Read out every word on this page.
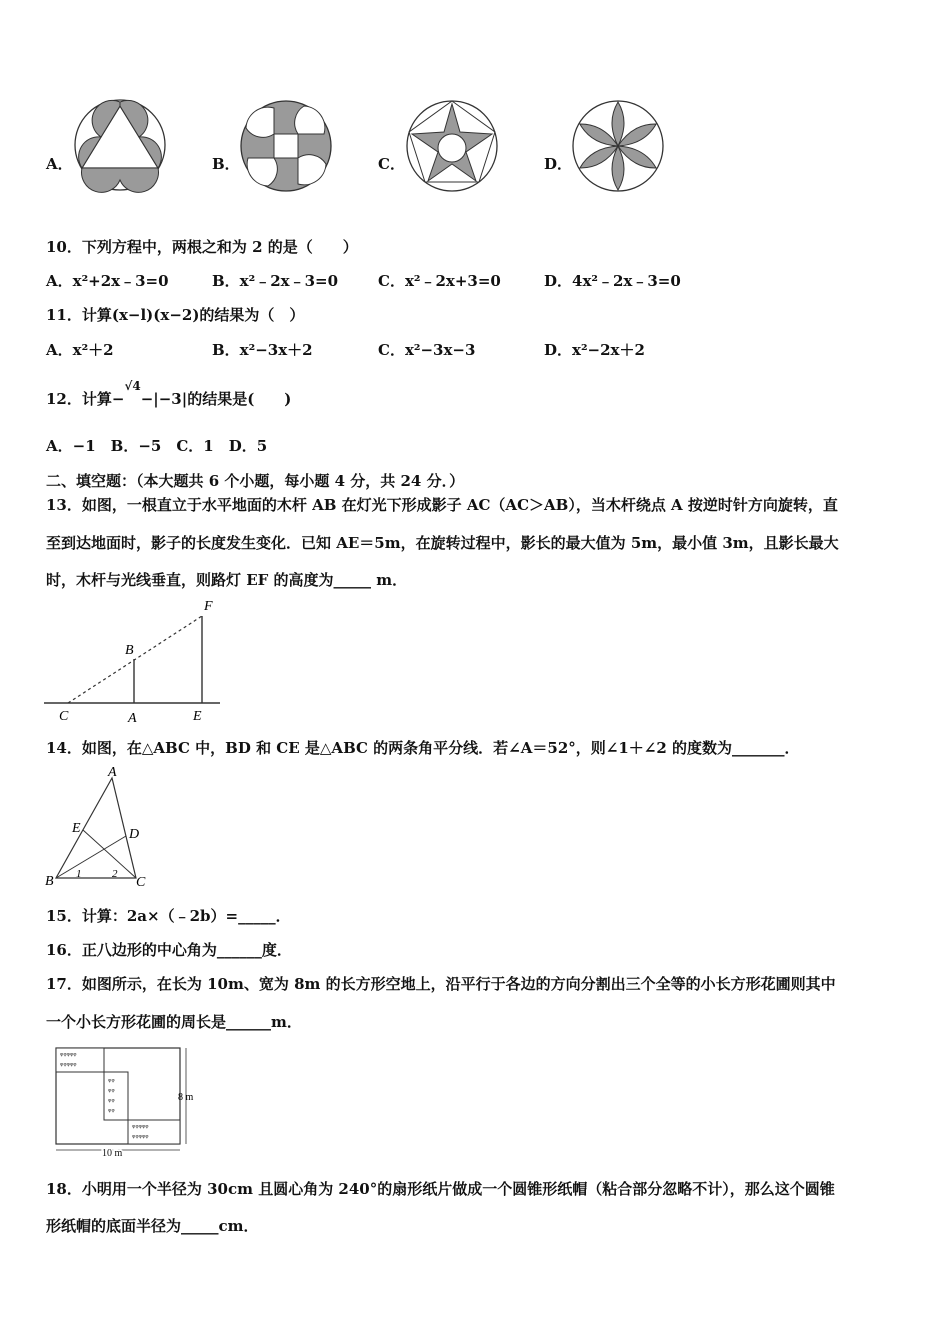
A．	B．	C．	D．
10．下列方程中，两根之和为 2 的是（　　）
A．x²+2x﹣3=0	B．x²﹣2x﹣3=0	C．x²﹣2x+3=0	D．4x²﹣2x﹣3=0
11．计算(x−l)(x−2)的结果为（　）
A．x²＋2	B．x²−3x＋2	C．x²−3x−3	D．x²−2x＋2
12．计算−$^{√4}$−|−3|的结果是(　　)
A．−1　B．−5　C．1　D．5
二、填空题：（本大题共 6 个小题，每小题 4 分，共 24 分．）
13．如图，一根直立于水平地面的木杆 AB 在灯光下形成影子 AC（AC＞AB），当木杆绕点 A 按逆时针方向旋转，直
至到达地面时，影子的长度发生变化．已知 AE＝5m，在旋转过程中，影长的最大值为 5m，最小值 3m，且影长最大
时，木杆与光线垂直，则路灯 EF 的高度为_____ m．
F
B
C	A	E
14．如图，在△ABC 中，BD 和 CE 是△ABC 的两条角平分线．若∠A＝52°，则∠1＋∠2 的度数为_______．
A
E	D
B	C
1	2
15．计算：2a×（﹣2b）=_____．
16．正八边形的中心角为______度．
17．如图所示，在长为 10m、宽为 8m 的长方形空地上，沿平行于各边的方向分割出三个全等的小长方形花圃则其中
一个小长方形花圃的周长是______m．
ᵠᵠᵠᵠᵠ
ᵠᵠᵠᵠᵠ
ᵠᵠ
ᵠᵠ
ᵠᵠ
ᵠᵠ
ᵠᵠᵠᵠᵠ
ᵠᵠᵠᵠᵠ
8 m
10 m
18．小明用一个半径为 30cm 且圆心角为 240°的扇形纸片做成一个圆锥形纸帽（粘合部分忽略不计），那么这个圆锥
形纸帽的底面半径为_____cm．
